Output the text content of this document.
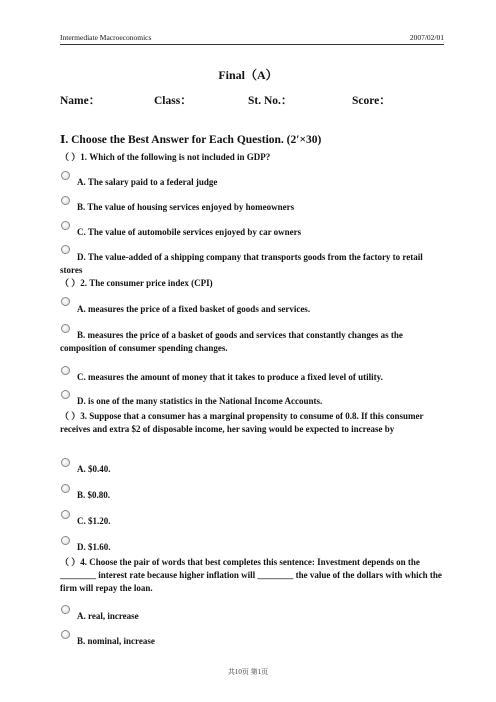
Intermediate Macroeconomics	2007/02/01
Final（A）
Name：	Class：	St. No.：	Score：
Ⅰ. Choose the Best Answer for Each Question. (2′×30)
（ ）1. Which of the following is not included in GDP?
A. The salary paid to a federal judge
B. The value of housing services enjoyed by homeowners
C. The value of automobile services enjoyed by car owners
D. The value-added of a shipping company that transports goods from the factory to retail stores
（ ）2. The consumer price index (CPI)
A. measures the price of a fixed basket of goods and services.
B. measures the price of a basket of goods and services that constantly changes as the composition of consumer spending changes.
C. measures the amount of money that it takes to produce a fixed level of utility.
D. is one of the many statistics in the National Income Accounts.
（ ）3. Suppose that a consumer has a marginal propensity to consume of 0.8. If this consumer receives and extra $2 of disposable income, her saving would be expected to increase by
A. $0.40.
B. $0.80.
C. $1.20.
D. $1.60.
（ ）4. Choose the pair of words that best completes this sentence: Investment depends on the ________ interest rate because higher inflation will ________ the value of the dollars with which the firm will repay the loan.
A. real, increase
B. nominal, increase
共10页 第1页
